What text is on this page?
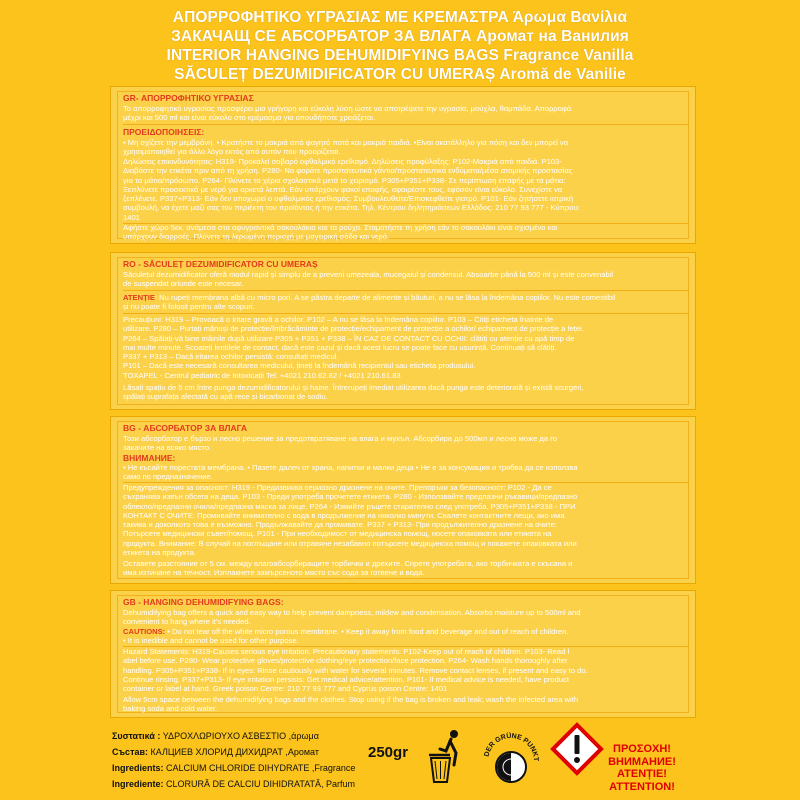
ΑΠΟΡΡΟΦΗΤΙΚΟ ΥΓΡΑΣΙΑΣ ΜΕ ΚΡΕΜΑΣΤΡΑ Άρωμα Βανίλια
ЗАКАЧАЩ СЕ АБСОРБАТОР ЗА ВЛАГА Аромат на Ванилия
INTERIOR HANGING DEHUMIDIFYING BAGS Fragrance Vanilla
SĂCULEȚ DEZUMIDIFICATOR CU UMERAȘ Aromă de Vanilie
GR- ΑΠΟΡΡΟΦΗΤΙΚΟ ΥΓΡΑΣΙΑΣ
Το απορροφητικό υγρασίας προσφέρει μια γρήγορη και εύκολη λύση ώστε να αποτρέψετε την υγρασία, μούχλα, θαμπάδα. Απορροφά
μέχρι και 500 ml και είναι εύκολο στο κρέμασμα για οπουδήποτε χρειάζεται.
ΠΡΟΕΙΔΟΠΟΙΗΣΕΙΣ:
• Μη σχίζετε την μεμβράνη. • Κρατήστε το μακριά από φαγητό ποτά και μακριά παιδιά. •Είναι ακατάλληλο για πόση και δεν μπορεί να
χρησιμοποιηθεί για άλλο λόγο εκτός από αυτόν που προορίζεται.
Δηλώσεις επικινδυνότητας: H319- Προκαλεί σοβαρό οφθαλμικό ερεθισμό. Δηλώσεις προφύλαξης: P102-Μακριά από παιδιά. P103-
Διαβάστε την ετικέτα πριν από τη χρήση. P280- Να φοράτε προστατευτικά γάντια/προστατευτικά ενδύματα/μέσα ατομικής προστασίας
για τα μάτια/πρόσωπο. P264- Πλύνετε τα χέρια σχολαστικά μετά το χειρισμό. P305+P351+P338- Σε περίπτωση επαφής με τα μάτια:
Ξεπλύνετε προσεκτικά με νερό για αρκετά λεπτά. Εάν υπάρχουν φακοί επαφής, αφαιρέστε τους, εφόσον είναι εύκολο. Συνεχίστε να
ξεπλένετε. P337+P313- Εάν δεν υποχωρεί ο οφθαλμικός ερεθισμός: Συμβουλευθείτε/Επισκεφθείτε γιατρό. P101- Εάν ζητήσετε ιατρική
συμβουλή, να έχετε μαζί σας τον περιέκτη του προϊόντος ή την ετικέτα. Τηλ. Κέντρου δηλητηριάσεων Ελλάδος: 210 77 93 777 - Κύπρου:
1401
Αφήστε χώρο 5εκ. ανάμεσα στα αφυγραντικά σακουλάκια και τα ρούχα. Σταματήστε τη χρήση εάν το σακουλάκι είναι σχισμένο και
υπάρχουν διαρροές. Πλύνετε τη λερωμένη περιοχή με μαγειρική σόδα και νερό.
RO - SĂCULEȚ DEZUMIDIFICATOR CU UMERAȘ
Săculețul dezumidificator oferă modul rapid și simplu de a preveni umezeala, mucegaiul și condensul. Absoarbe până la 500 ml și este convenabil
de suspendat oriunde este necesar.
ATENȚIE: Nu rupeți membrana albă cu micro pori. A se păstra departe de alimente și băuturi, a nu se lăsa la îndemâna copiilor. Nu este comestibil
și nu poate fi folosit pentru alte scopuri.
Precauțiuni: H319 – Provoacă o iritare gravă a ochilor. P102 – A nu se lăsa la îndemâna copiilor. P103 – Citiți eticheta înainte de
utilizare. P280 – Purtați mănuși de protecție/îmbrăcăminte de protecție/echipament de protecție a ochilor/ echipament de protecție a feței.
P264 – Spălați-vă bine mâinile după utilizare P305 + P351 + P338 – ÎN CAZ DE CONTACT CU OCHII: clătiți cu atenție cu apă timp de
mai multe minute. Scoateți lentilele de contact, dacă este cazul și dacă acest lucru se poate face cu ușurință. Continuați să clătiți.
P337 + P313 – Dacă iritarea ochilor persistă: consultați medicul.
P101 – Dacă este necesară consultarea medicului, țineți la îndemână recipientul sau eticheta produsului.
TOXAPEL - Centrul pediatric de Intoxicații Tel: +4021 210.62.82 / +4021 210.61.83
Lăsați spațiu de 5 cm între punga dezumidificatorului și haine. Întrerupeți imediat utilizarea dacă punga este deteriorată și există scurgeri,
spălați suprafața afectată cu apă rece și bicarbonat de sodiu.
BG - АБСОРБАТОР ЗА ВЛАГА
Този абсорбатор е бързо и лесно решение за предотвратяване на влага и мухъл. Абсорбира до 500мл и лесно може да го
закачите на всяко място.
ВНИМАНИЕ:
• Не късайте порестата мембрана. • Пазете далеч от храна, напитки и малки деца • Не е за консумация и трябва да се използва
само по предназначение.
Предупреждения за опасност: H319 - Предизвиква сериозно дразнене на очите. Препоръки за безопасност: P102 - Да се
съхранява извън обсега на деца. P103 - Преди употреба прочетете етикета. P280 - Използвайте предпазни ръкавици/предпазно
облекло/предпазни очила/предпазна маска за лице. P264 - Измийте ръцете старателно след употреба. P305+P351+P338 - ПРИ
КОНТАКТ С ОЧИТЕ: Промивайте внимателно с вода в продължение на няколко минути. Свалете контактните лещи, ако има
такива и доколкото това е възможно. Продължавайте да промивате. P337 + P313- При продължително дразнене на очите:
Потърсете медицински съвет/помощ. P101 - При необходимост от медицинска помощ, носете опаковката или етикета на
продукта. Внимание: В случай на поглъщане или отравяне незабавно потърсете медицинска помощ и покажете опаковката или
етикета на продукта.
Оставете разстояние от 5 см. между влагоабсорбиращите торбички и дрехите. Спрете употребата, ако торбичката е скъсана и
има изтичане на течност. Изплакнете замърсеното място със сода за готвене и вода.
GB - HANGING DEHUMIDIFYING BAGS:
Dehumidifying bag offers a quick and easy way to help prevent dampness, mildew and condensation. Absorbs moisture up to 500ml and
convenient to hang where it's needed.
CAUTIONS: • Do not tear off the white micro porous membrane. • Keep it away from food and beverage and out of reach of children.
• It is inedible and cannot be used for other purpose.
Hazard Statements: H319-Causes serious eye irritation. Precautionary statements: P102-Keep out of reach of children. P103- Read l
abel before use. P280- Wear protective gloves/protective clothing/eye protection/face protection. P264- Wash hands thoroughly after
handling. P305+P351+P338- If in eyes: Rinse cautiously with water for several minutes. Remove contact lenses, if present and easy to do.
Continue rinsing. P337+P313- If eye irritation persists: Get medical advice/attention. P101- If medical advice is needed, have product
container or label at hand. Greek poison Centre: 210 77 93 777 and Cyprus poison Centre: 1401
Allow 5cm space between the dehumidifying bags and the clothes. Stop using if the bag is broken and leak; wash the infected area with
baking soda and cold water.
Συστατικά : ΥΔΡΟΧΛΩΡΙΟΥΧΟ ΑΣΒΕΣΤΙΟ ,άρωμα
Състав: КАЛЦИЕВ ХЛОРИД ДИХИДРАТ ,Аромат
Ingredients: CALCIUM CHLORIDE DIHYDRATE ,Fragrance
Ingrediente: CLORURĂ DE CALCIU DIHIDRATATĂ, Parfum
250gr	DER GRÜNE PUNKT
ΠΡΟΣΟΧΗ!
ВНИМАНИЕ!
ATENȚIE!
ATTENTION!
